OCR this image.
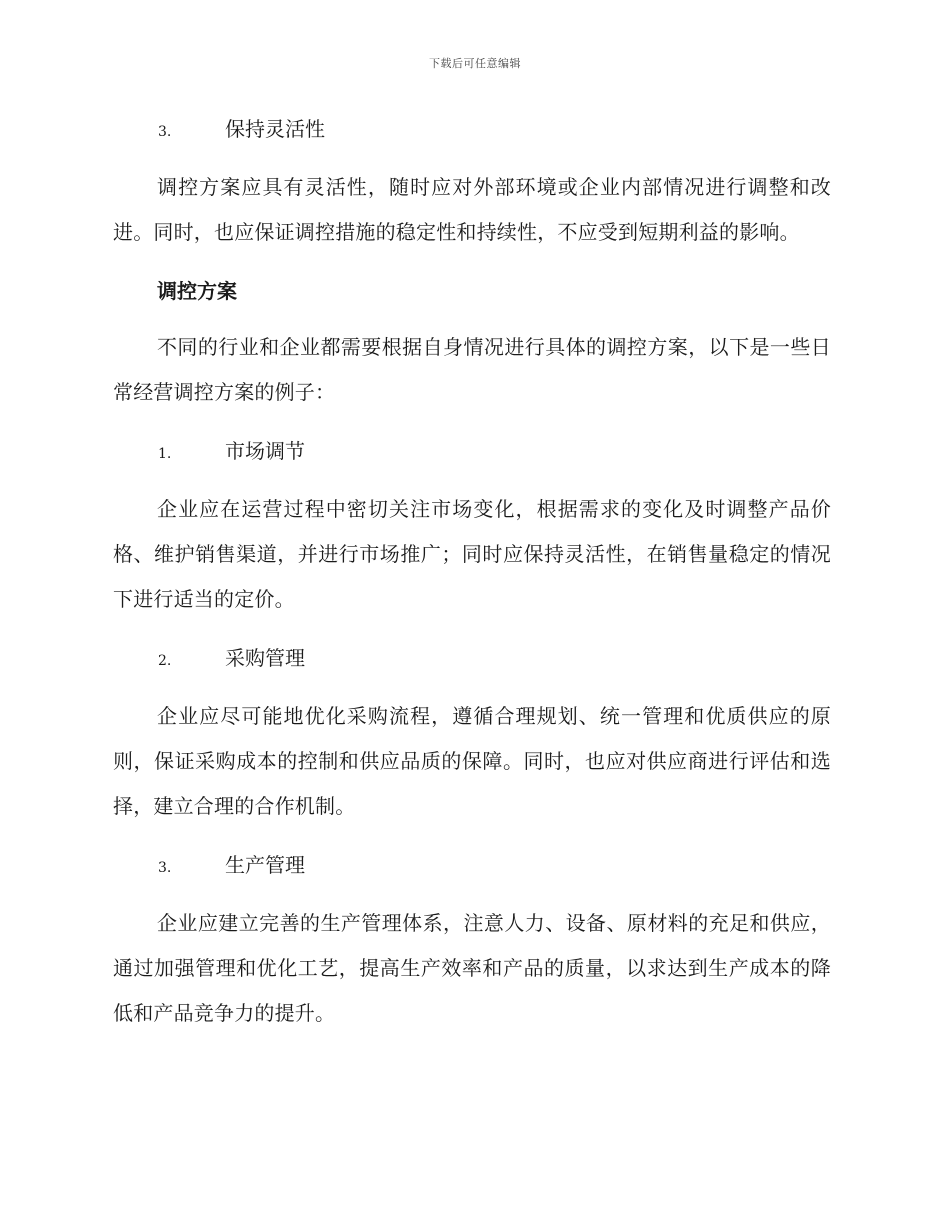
下载后可任意编辑
3.	保持灵活性

调控方案应具有灵活性，随时应对外部环境或企业内部情况进行调整和改进。同时，也应保证调控措施的稳定性和持续性，不应受到短期利益的影响。

调控方案

不同的行业和企业都需要根据自身情况进行具体的调控方案，以下是一些日常经营调控方案的例子：

1.	市场调节

企业应在运营过程中密切关注市场变化，根据需求的变化及时调整产品价格、维护销售渠道，并进行市场推广；同时应保持灵活性，在销售量稳定的情况下进行适当的定价。

2.	采购管理

企业应尽可能地优化采购流程，遵循合理规划、统一管理和优质供应的原则，保证采购成本的控制和供应品质的保障。同时，也应对供应商进行评估和选择，建立合理的合作机制。

3.	生产管理

企业应建立完善的生产管理体系，注意人力、设备、原材料的充足和供应，通过加强管理和优化工艺，提高生产效率和产品的质量，以求达到生产成本的降低和产品竞争力的提升。
